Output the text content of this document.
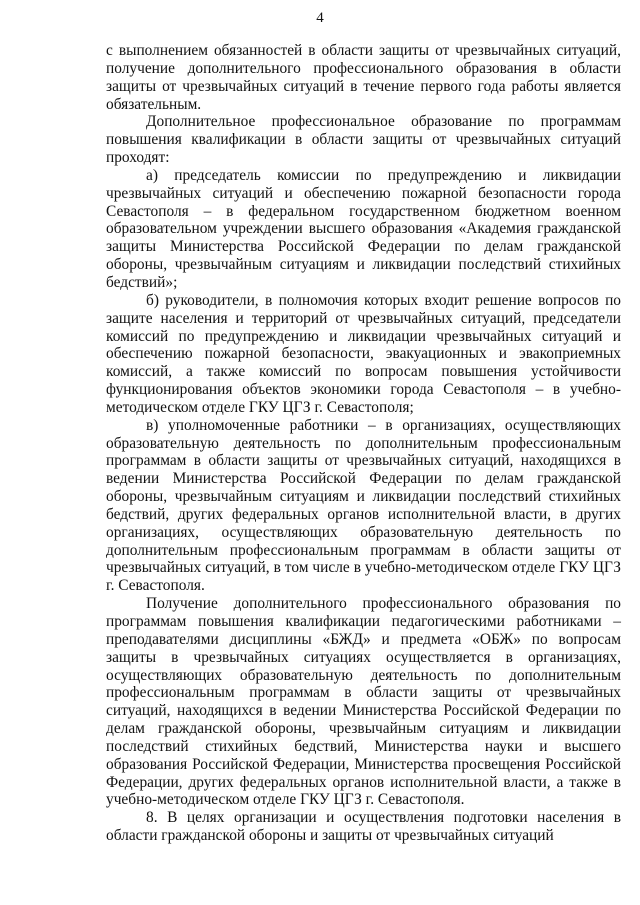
4

с выполнением обязанностей в области защиты от чрезвычайных ситуаций, получение дополнительного профессионального образования в области защиты от чрезвычайных ситуаций в течение первого года работы является обязательным.

Дополнительное профессиональное образование по программам повышения квалификации в области защиты от чрезвычайных ситуаций проходят:

а) председатель комиссии по предупреждению и ликвидации чрезвычайных ситуаций и обеспечению пожарной безопасности города Севастополя – в федеральном государственном бюджетном военном образовательном учреждении высшего образования «Академия гражданской защиты Министерства Российской Федерации по делам гражданской обороны, чрезвычайным ситуациям и ликвидации последствий стихийных бедствий»;

б) руководители, в полномочия которых входит решение вопросов по защите населения и территорий от чрезвычайных ситуаций, председатели комиссий по предупреждению и ликвидации чрезвычайных ситуаций и обеспечению пожарной безопасности, эвакуационных и эвакоприемных комиссий, а также комиссий по вопросам повышения устойчивости функционирования объектов экономики города Севастополя – в учебно-методическом отделе ГКУ ЦГЗ г. Севастополя;

в) уполномоченные работники – в организациях, осуществляющих образовательную деятельность по дополнительным профессиональным программам в области защиты от чрезвычайных ситуаций, находящихся в ведении Министерства Российской Федерации по делам гражданской обороны, чрезвычайным ситуациям и ликвидации последствий стихийных бедствий, других федеральных органов исполнительной власти, в других организациях, осуществляющих образовательную деятельность по дополнительным профессиональным программам в области защиты от чрезвычайных ситуаций, в том числе в учебно-методическом отделе ГКУ ЦГЗ г. Севастополя.

Получение дополнительного профессионального образования по программам повышения квалификации педагогическими работниками – преподавателями дисциплины «БЖД» и предмета «ОБЖ» по вопросам защиты в чрезвычайных ситуациях осуществляется в организациях, осуществляющих образовательную деятельность по дополнительным профессиональным программам в области защиты от чрезвычайных ситуаций, находящихся в ведении Министерства Российской Федерации по делам гражданской обороны, чрезвычайным ситуациям и ликвидации последствий стихийных бедствий, Министерства науки и высшего образования Российской Федерации, Министерства просвещения Российской Федерации, других федеральных органов исполнительной власти, а также в учебно-методическом отделе ГКУ ЦГЗ г. Севастополя.

8. В целях организации и осуществления подготовки населения в области гражданской обороны и защиты от чрезвычайных ситуаций
